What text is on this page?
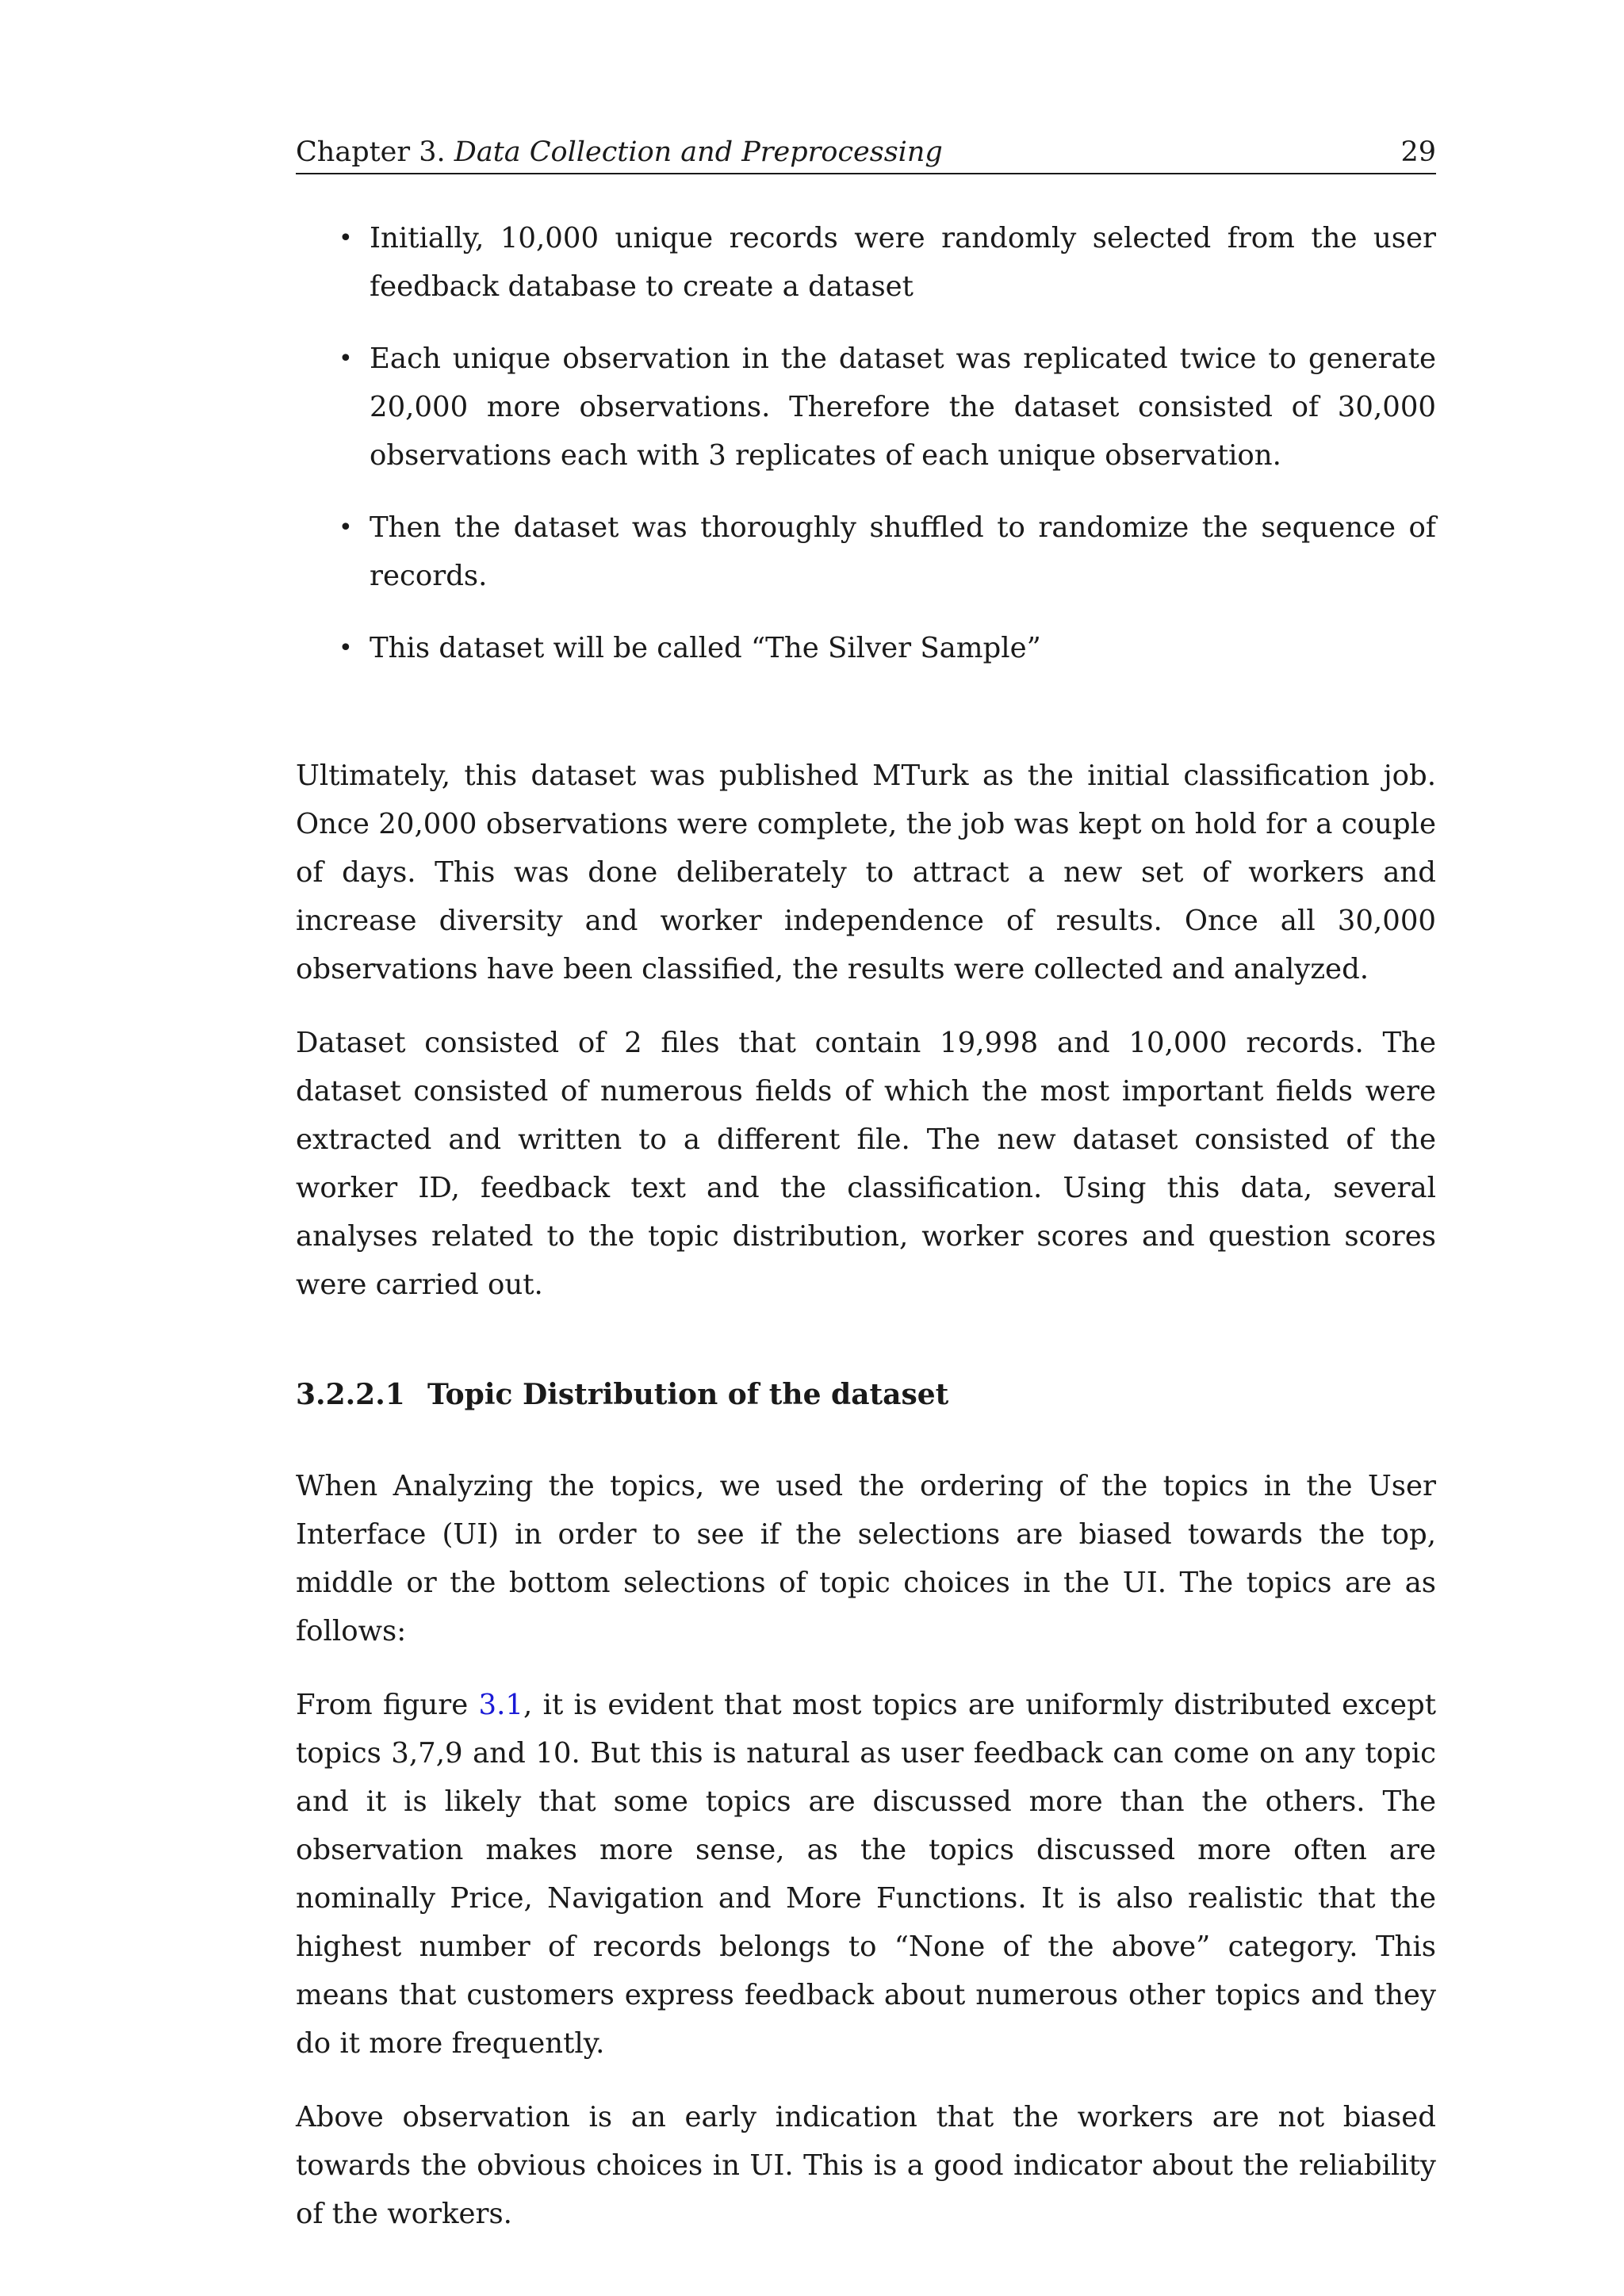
Chapter 3. Data Collection and Preprocessing	29
• Initially, 10,000 unique records were randomly selected from the user feedback database to create a dataset
• Each unique observation in the dataset was replicated twice to generate 20,000 more observations. Therefore the dataset consisted of 30,000 observations each with 3 replicates of each unique observation.
• Then the dataset was thoroughly shuffled to randomize the sequence of records.
• This dataset will be called “The Silver Sample”

Ultimately, this dataset was published MTurk as the initial classification job. Once 20,000 observations were complete, the job was kept on hold for a couple of days. This was done deliberately to attract a new set of workers and increase diversity and worker independence of results. Once all 30,000 observations have been classified, the results were collected and analyzed.

Dataset consisted of 2 files that contain 19,998 and 10,000 records. The dataset consisted of numerous fields of which the most important fields were extracted and written to a different file. The new dataset consisted of the worker ID, feedback text and the classification. Using this data, several analyses related to the topic distribution, worker scores and question scores were carried out.

3.2.2.1 Topic Distribution of the dataset

When Analyzing the topics, we used the ordering of the topics in the User Interface (UI) in order to see if the selections are biased towards the top, middle or the bottom selections of topic choices in the UI. The topics are as follows:

From figure 3.1, it is evident that most topics are uniformly distributed except topics 3,7,9 and 10. But this is natural as user feedback can come on any topic and it is likely that some topics are discussed more than the others. The observation makes more sense, as the topics discussed more often are nominally Price, Navigation and More Functions. It is also realistic that the highest number of records belongs to “None of the above” category. This means that customers express feedback about numerous other topics and they do it more frequently.

Above observation is an early indication that the workers are not biased towards the obvious choices in UI. This is a good indicator about the reliability of the workers.
